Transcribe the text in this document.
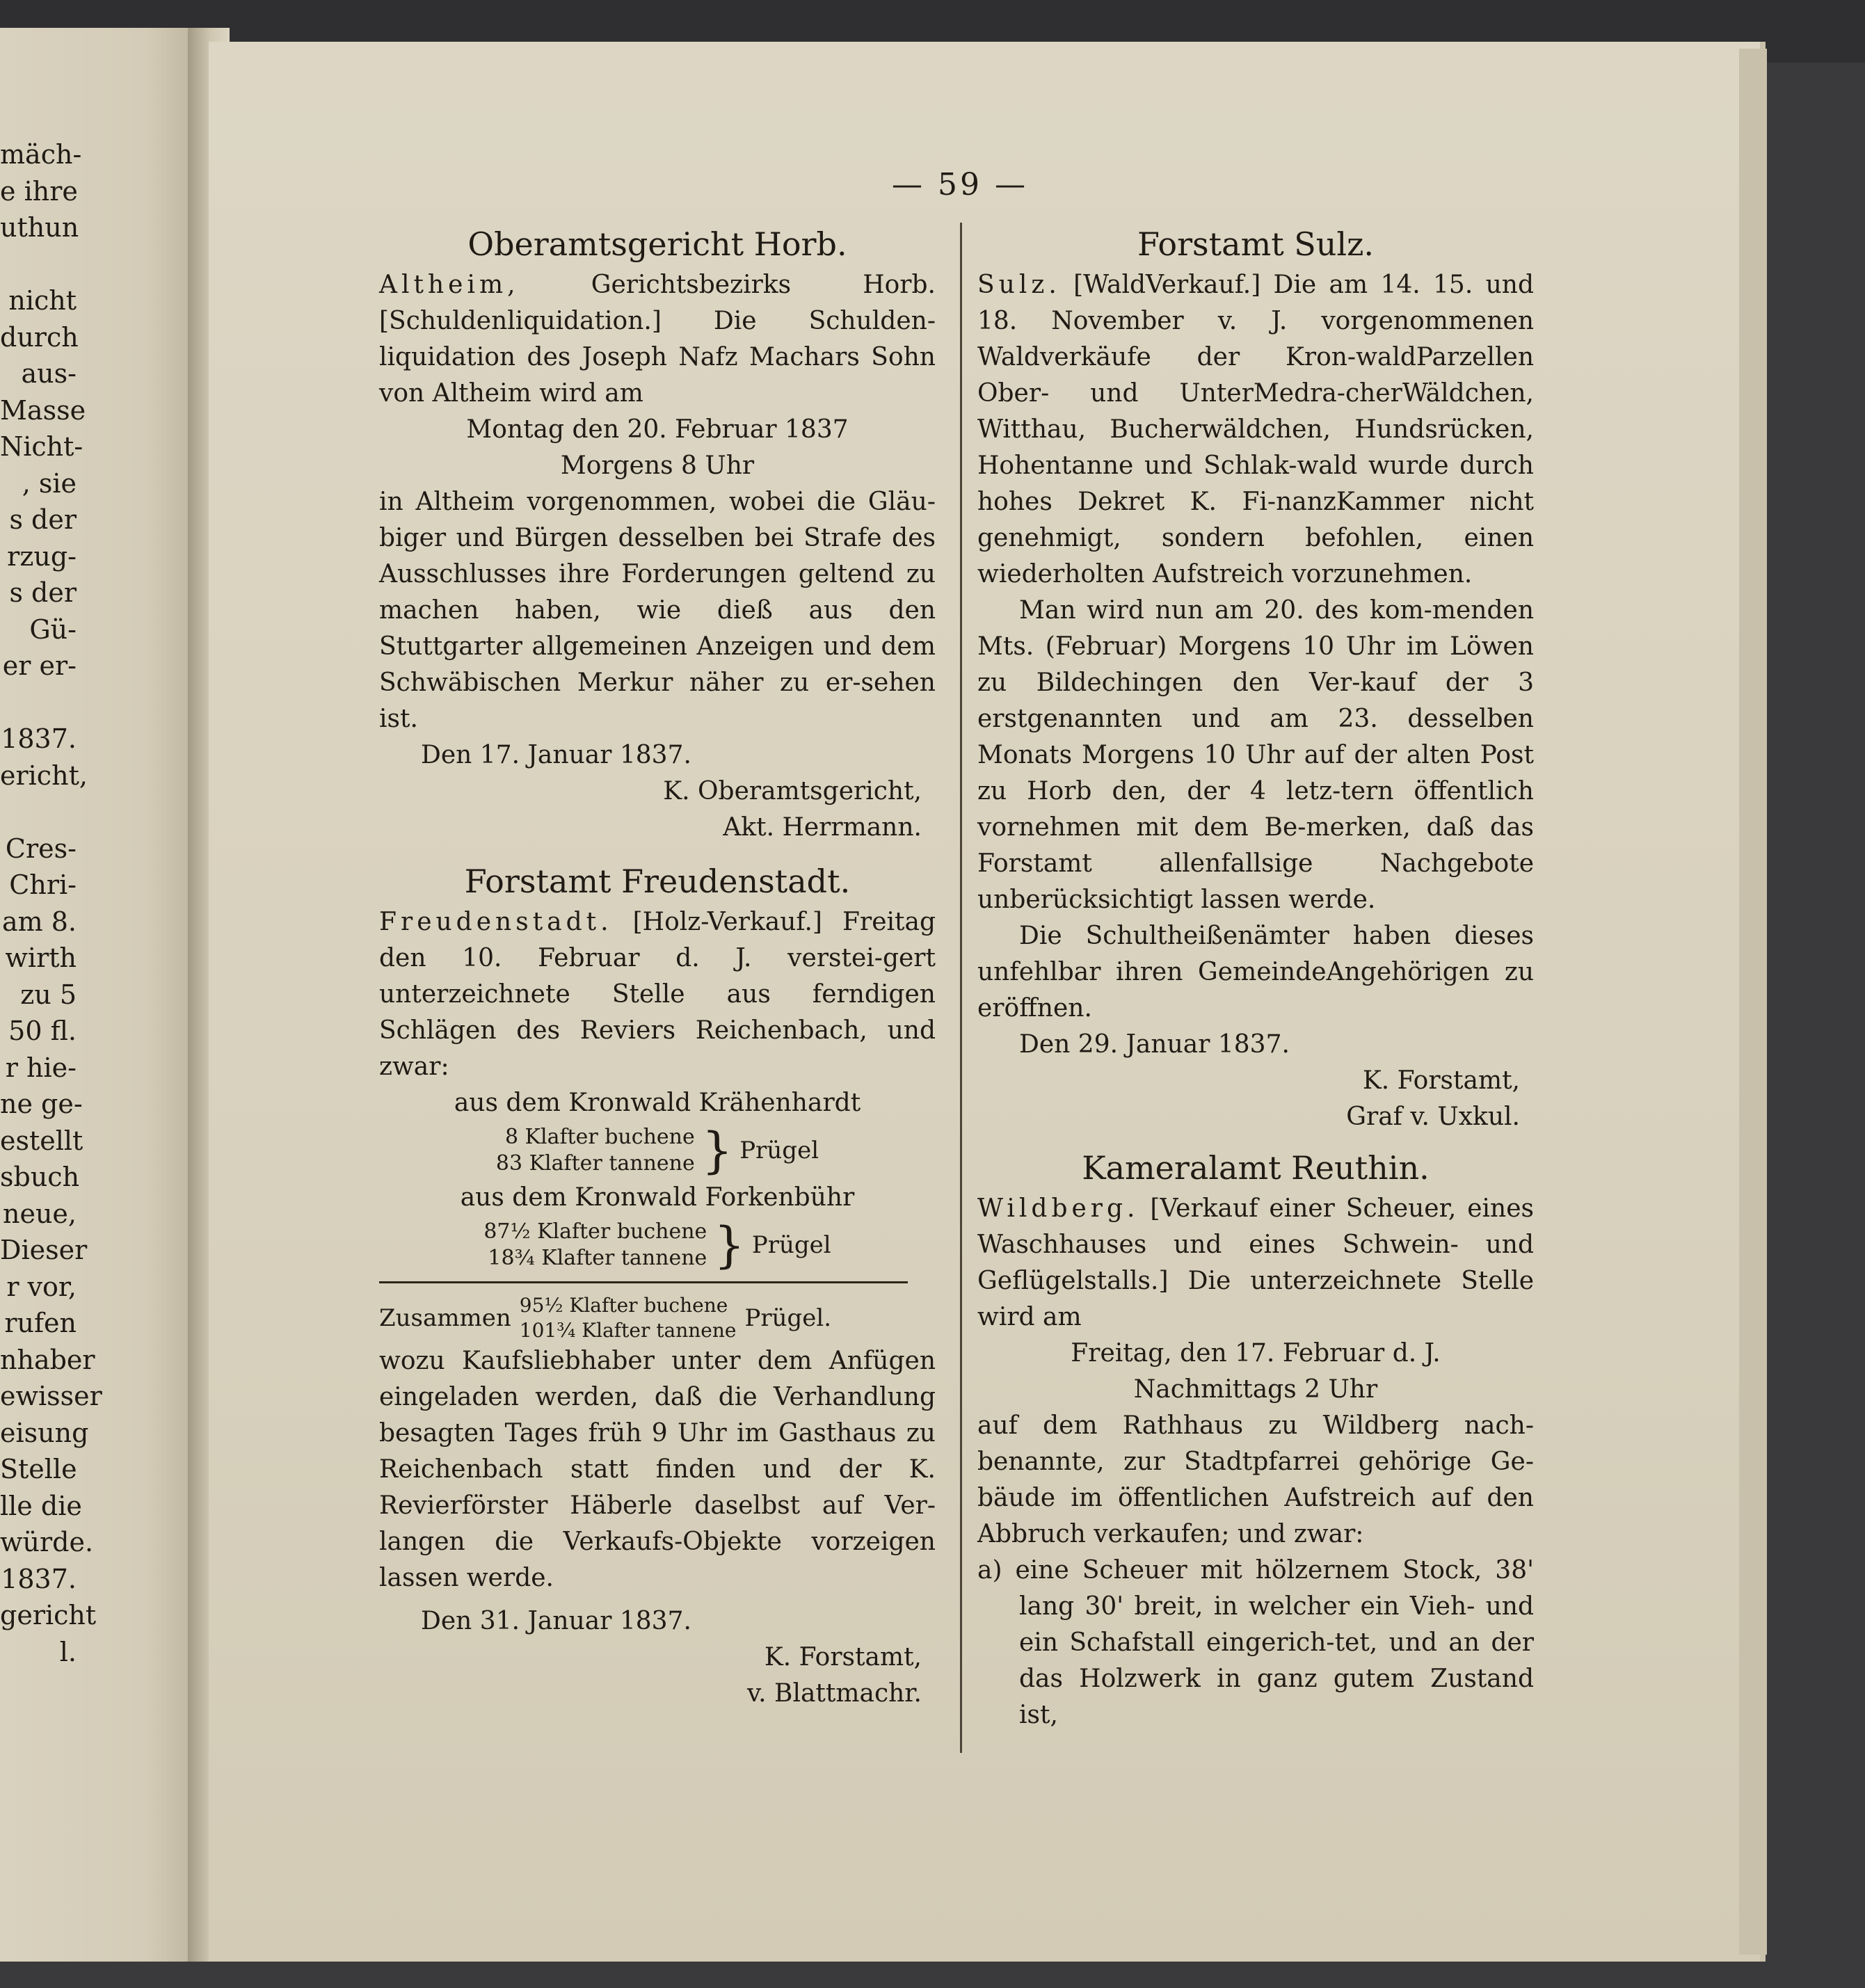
mäch-
e ihre
uthun
nicht
durch
aus-
Masse
Nicht-
, sie
s der
rzug-
s der
Gü-
er er-
1837.
ericht,
Cres-
Chri-
am 8.
wirth
zu 5
50 fl.
r hie-
ne ge-
estellt
sbuch
neue,
Dieser
r vor,
rufen
nhaber
ewisser
eisung
Stelle
lle die
würde.
1837.
gericht
l.
— 59 —
Oberamtsgericht Horb.

Altheim,	Gerichtsbezirks Horb. [Schuldenliquidation.] Die Schulden-liquidation des Joseph Nafz Machars Sohn von Altheim wird am

Montag den 20. Februar 1837

Morgens 8 Uhr

in Altheim vorgenommen, wobei die Gläu-biger und Bürgen desselben bei Strafe des Ausschlusses ihre Forderungen geltend zu machen haben, wie dieß aus den Stuttgarter allgemeinen Anzeigen und dem Schwäbischen Merkur näher zu er-sehen ist.

Den 17. Januar 1837.

K. Oberamtsgericht,

Akt. Herrmann.

Forstamt Freudenstadt.

Freudenstadt. [Holz-Verkauf.] Freitag den 10. Februar d. J. verstei-gert unterzeichnete Stelle aus ferndigen Schlägen des Reviers Reichenbach, und zwar:

aus dem Kronwald Krähenhardt

8 Klafter buchene
83 Klafter tannene } Prügel

aus dem Kronwald Forkenbühr

87½ Klafter buchene
18¾ Klafter tannene } Prügel
Zusammen 95½ Klafter buchene
101¾ Klafter tannene Prügel.

wozu Kaufsliebhaber unter dem Anfügen eingeladen werden, daß die Verhandlung besagten Tages früh 9 Uhr im Gasthaus zu Reichenbach statt finden und der K. Revierförster Häberle daselbst auf Ver-langen die Verkaufs-Objekte vorzeigen lassen werde.

Den 31. Januar 1837.

K. Forstamt,

v. Blattmachr.

Forstamt Sulz.

Sulz. [WaldVerkauf.] Die am 14. 15. und 18. November v. J. vorgenommenen Waldverkäufe der Kron-waldParzellen Ober- und UnterMedra-cherWäldchen, Witthau, Bucherwäldchen, Hundsrücken, Hohentanne und Schlak-wald wurde durch hohes Dekret K. Fi-nanzKammer nicht genehmigt, sondern befohlen, einen wiederholten Aufstreich vorzunehmen.

Man wird nun am 20. des kom-menden Mts. (Februar) Morgens 10 Uhr im Löwen zu Bildechingen den Ver-kauf der 3 erstgenannten und am 23. desselben Monats Morgens 10 Uhr auf der alten Post zu Horb den, der 4 letz-tern öffentlich vornehmen mit dem Be-merken, daß das Forstamt allenfallsige Nachgebote unberücksichtigt lassen werde.

Die Schultheißenämter haben dieses unfehlbar ihren GemeindeAngehörigen zu eröffnen.

Den 29. Januar 1837.

K. Forstamt,

Graf v. Uxkul.

Kameralamt Reuthin.

Wildberg. [Verkauf einer Scheuer, eines Waschhauses und eines Schwein- und Geflügelstalls.] Die unterzeichnete Stelle wird am

Freitag, den 17. Februar d. J.

Nachmittags 2 Uhr

auf dem Rathhaus zu Wildberg nach-benannte, zur Stadtpfarrei gehörige Ge-bäude im öffentlichen Aufstreich auf den Abbruch verkaufen; und zwar:

a) eine Scheuer mit hölzernem Stock, 38' lang 30' breit, in welcher ein Vieh- und ein Schafstall eingerich-tet, und an der das Holzwerk in ganz gutem Zustand ist,
